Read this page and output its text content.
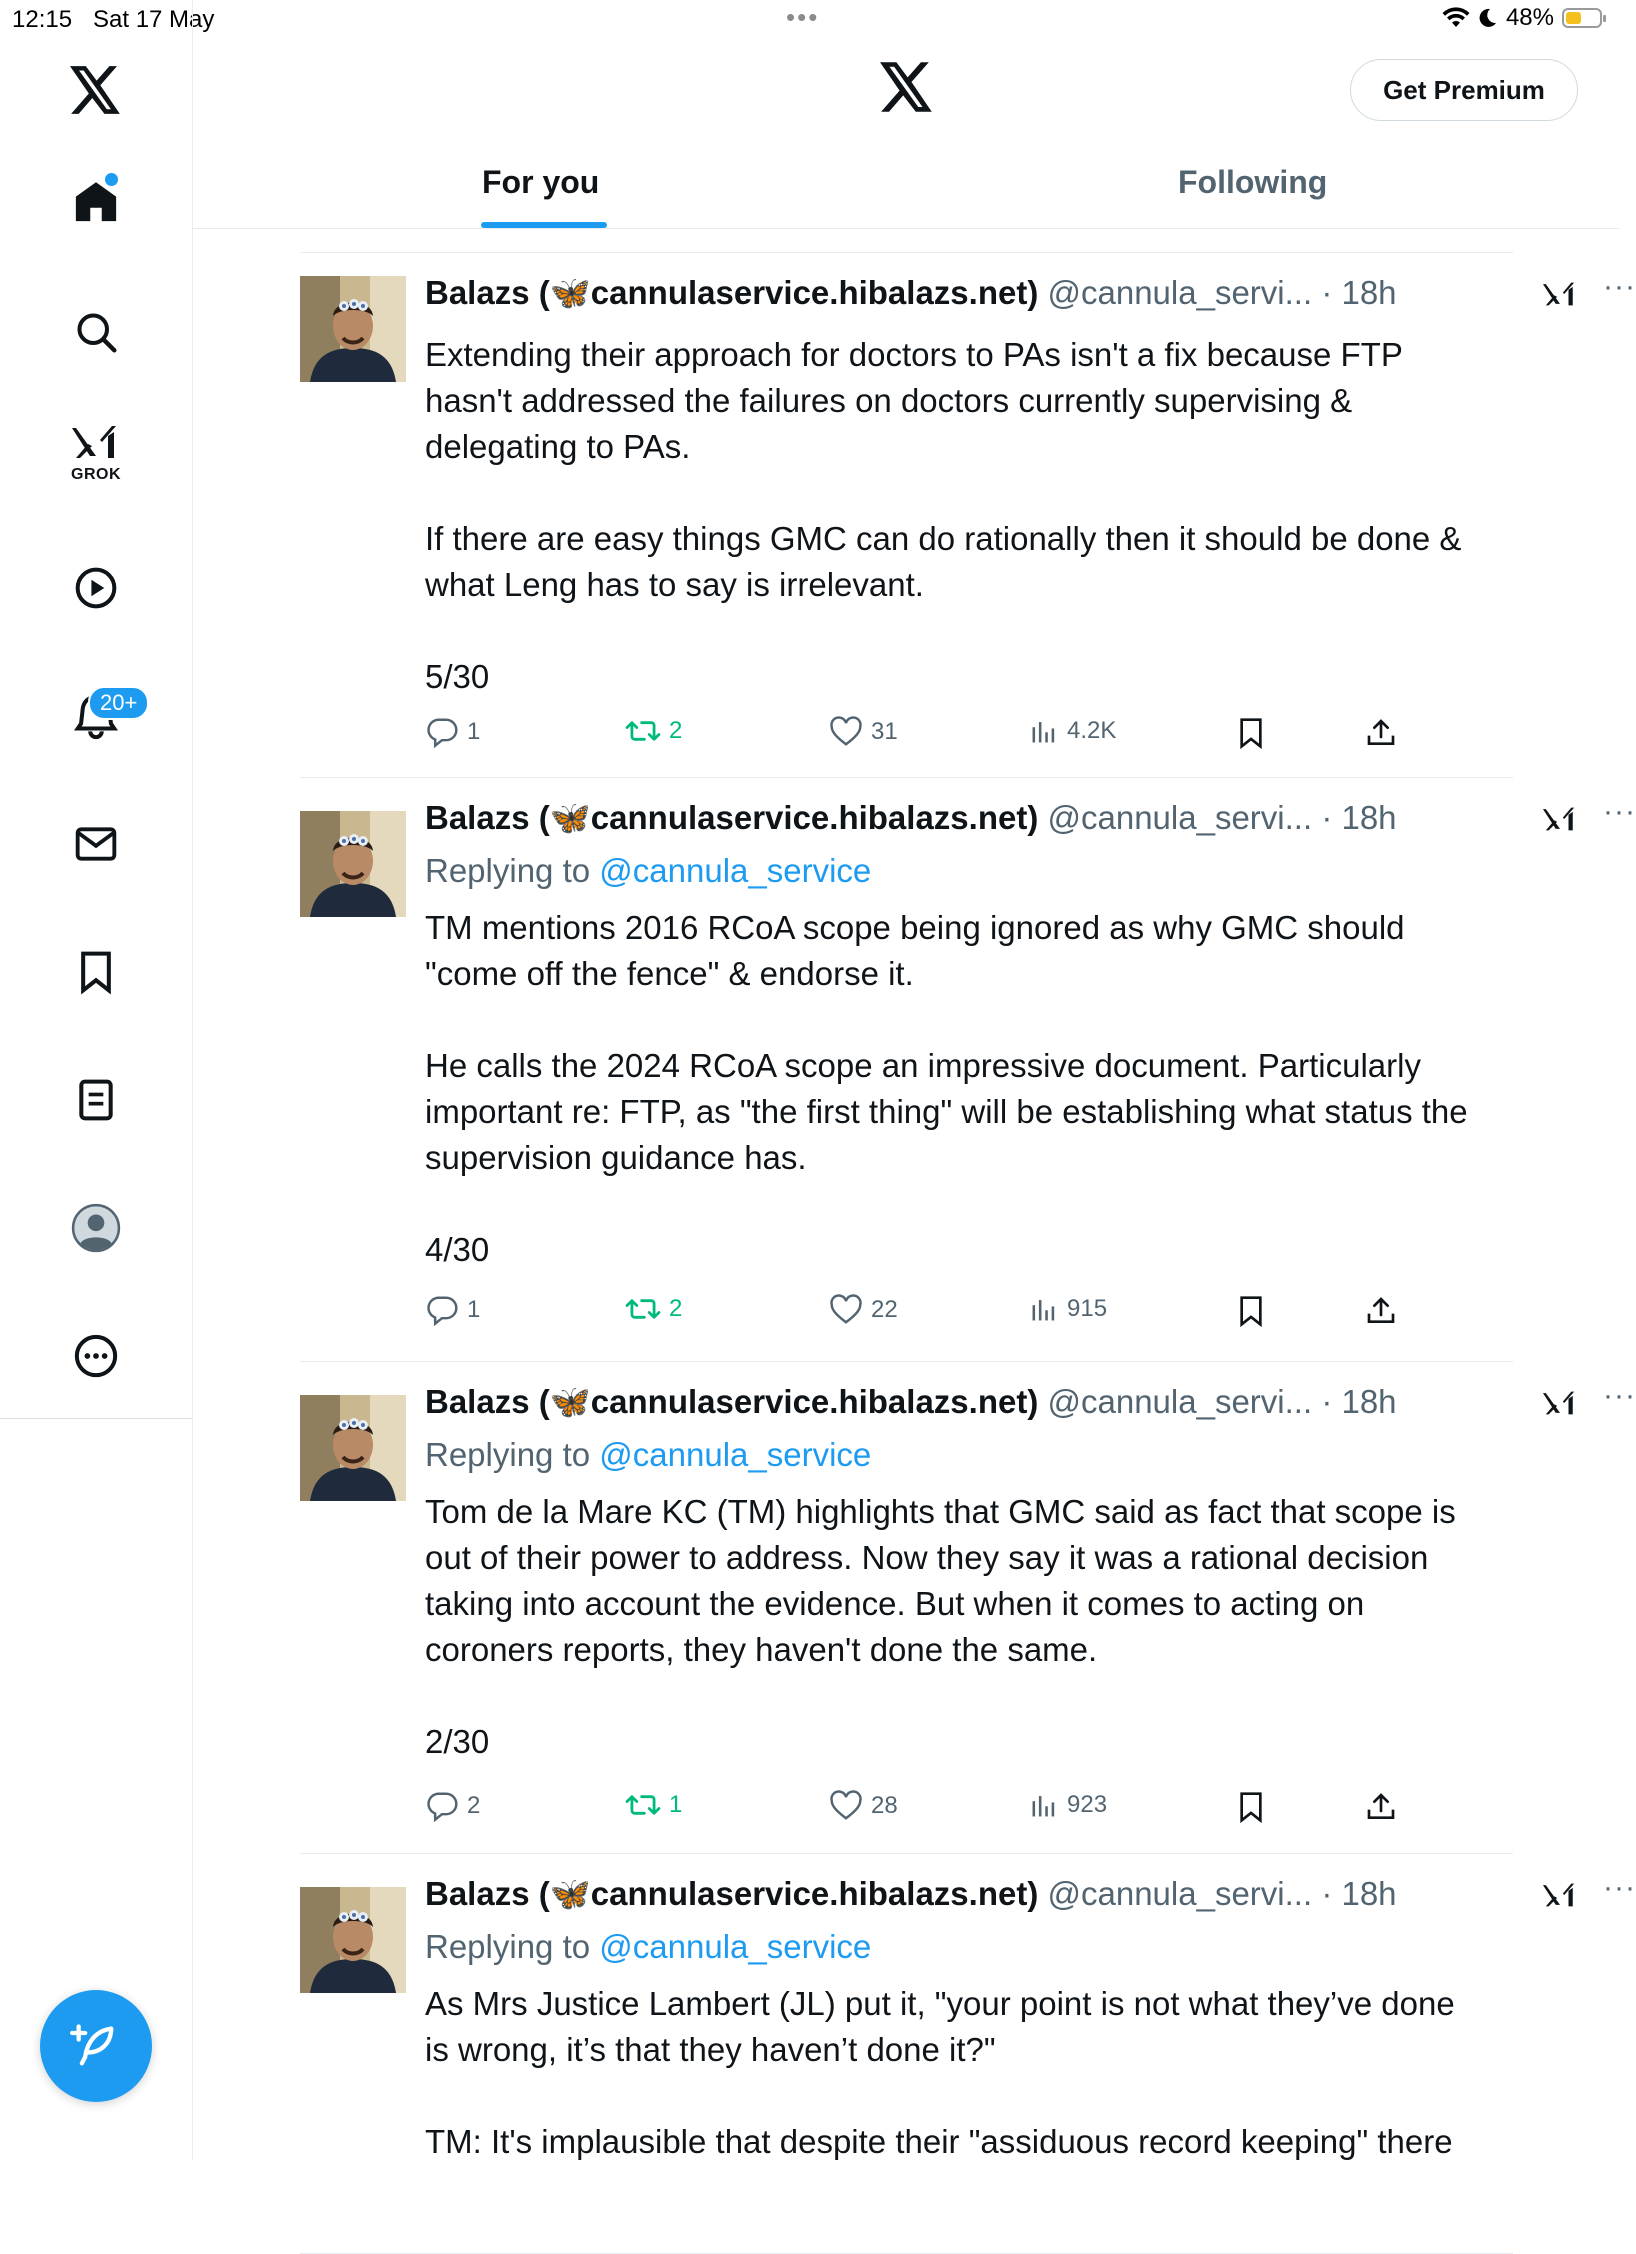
12:15 Sat 17 May	•••	48%
GROK
20+
Get Premium
For you	Following
Balazs (🦋cannulaservice.hibalazs.net) @cannula_servi... · 18h	···
Extending their approach for doctors to PAs isn't a fix because FTP hasn't addressed the failures on doctors currently supervising & delegating to PAs.

If there are easy things GMC can do rationally then it should be done & what Leng has to say is irrelevant.

5/30
1	2	31	4.2K
Balazs (🦋cannulaservice.hibalazs.net) @cannula_servi... · 18h	···
Replying to @cannula_service
TM mentions 2016 RCoA scope being ignored as why GMC should "come off the fence" & endorse it.

He calls the 2024 RCoA scope an impressive document. Particularly important re: FTP, as "the first thing" will be establishing what status the supervision guidance has.

4/30
1	2	22	915
Balazs (🦋cannulaservice.hibalazs.net) @cannula_servi... · 18h	···
Replying to @cannula_service
Tom de la Mare KC (TM) highlights that GMC said as fact that scope is out of their power to address. Now they say it was a rational decision taking into account the evidence. But when it comes to acting on coroners reports, they haven't done the same.

2/30
2	1	28	923
Balazs (🦋cannulaservice.hibalazs.net) @cannula_servi... · 18h	···
Replying to @cannula_service
As Mrs Justice Lambert (JL) put it, "your point is not what they’ve done is wrong, it’s that they haven’t done it?"

TM: It's implausible that despite their "assiduous record keeping" there
